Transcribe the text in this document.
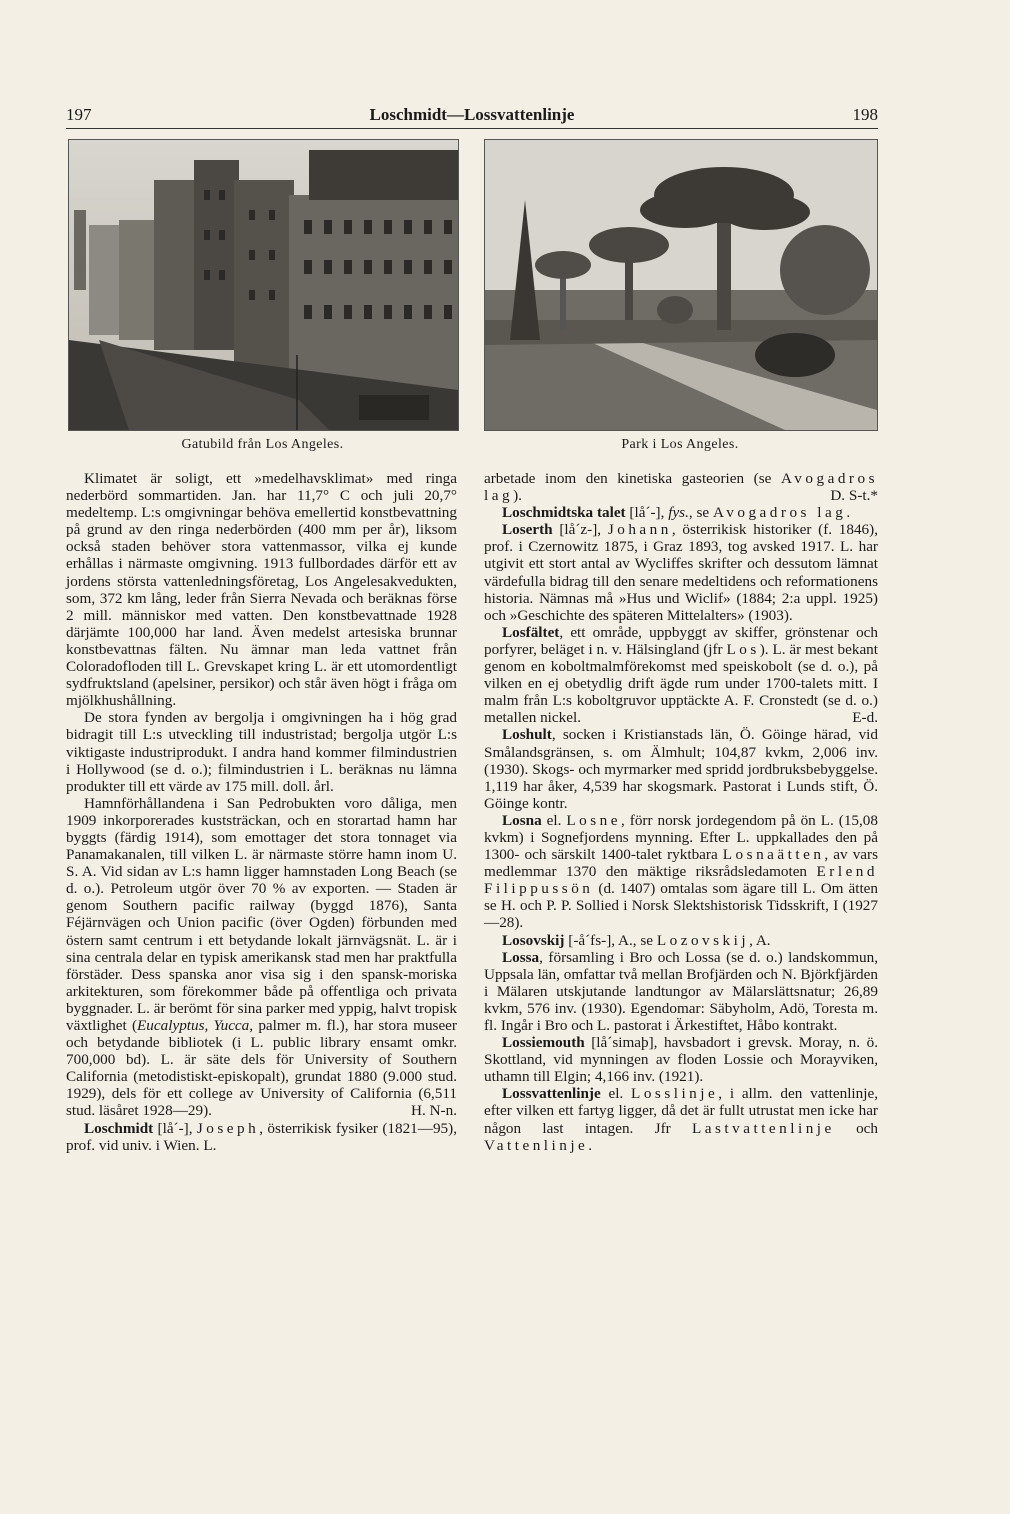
197	Loschmidt—Lossvattenlinje	198
Gatubild från Los Angeles.	Park i Los Angeles.

Klimatet är soligt, ett »medelhavsklimat» med ringa nederbörd sommartiden. Jan. har 11,7° C och juli 20,7° medeltemp. L:s omgivningar behöva emellertid konstbevattning på grund av den ringa nederbörden (400 mm per år), liksom också staden behöver stora vattenmassor, vilka ej kunde erhållas i närmaste omgivning. 1913 fullbordades därför ett av jordens största vattenledningsföretag, Los Angelesakvedukten, som, 372 km lång, leder från Sierra Nevada och beräknas förse 2 mill. människor med vatten. Den konstbevattnade 1928 därjämte 100,000 har land. Även medelst artesiska brunnar konstbevattnas fälten. Nu ämnar man leda vattnet från Coloradofloden till L. Grevskapet kring L. är ett utomordentligt sydfruktsland (apelsiner, persikor) och står även högt i fråga om mjölkhushållning.

De stora fynden av bergolja i omgivningen ha i hög grad bidragit till L:s utveckling till industristad; bergolja utgör L:s viktigaste industriprodukt. I andra hand kommer filmindustrien i Hollywood (se d. o.); filmindustrien i L. beräknas nu lämna produkter till ett värde av 175 mill. doll. årl.

Hamnförhållandena i San Pedrobukten voro dåliga, men 1909 inkorporerades kuststräckan, och en storartad hamn har byggts (färdig 1914), som emottager det stora tonnaget via Panamakanalen, till vilken L. är närmaste större hamn inom U. S. A. Vid sidan av L:s hamn ligger hamnstaden Long Beach (se d. o.). Petroleum utgör över 70 % av exporten. — Staden är genom Southern pacific railway (byggd 1876), Santa Féjärnvägen och Union pacific (över Ogden) förbunden med östern samt centrum i ett betydande lokalt järnvägsnät. L. är i sina centrala delar en typisk amerikansk stad men har praktfulla förstäder. Dess spanska anor visa sig i den spansk-moriska arkitekturen, som förekommer både på offentliga och privata byggnader. L. är berömt för sina parker med yppig, halvt tropisk växtlighet (Eucalyptus, Yucca, palmer m. fl.), har stora museer och betydande bibliotek (i L. public library ensamt omkr. 700,000 bd). L. är säte dels för University of Southern California (metodistiskt-episkopalt), grundat 1880 (9.000 stud. 1929), dels för ett college av University of California (6,511 stud. läsåret 1928—29).	H. N-n.

Loschmidt [lå´-], Joseph, österrikisk fysiker (1821—95), prof. vid univ. i Wien. L.

arbetade inom den kinetiska gasteorien (se Avogadros lag).	D. S-t.*

Loschmidtska talet [lå´-], fys., se Avogadros lag.

Loserth [lå´z-], Johann, österrikisk historiker (f. 1846), prof. i Czernowitz 1875, i Graz 1893, tog avsked 1917. L. har utgivit ett stort antal av Wycliffes skrifter och dessutom lämnat värdefulla bidrag till den senare medeltidens och reformationens historia. Nämnas må »Hus und Wiclif» (1884; 2:a uppl. 1925) och »Geschichte des späteren Mittelalters» (1903).

Losfältet, ett område, uppbyggt av skiffer, grönstenar och porfyrer, beläget i n. v. Hälsingland (jfr Los). L. är mest bekant genom en koboltmalmförekomst med speiskobolt (se d. o.), på vilken en ej obetydlig drift ägde rum under 1700-talets mitt. I malm från L:s koboltgruvor upptäckte A. F. Cronstedt (se d. o.) metallen nickel.	E-d.

Loshult, socken i Kristianstads län, Ö. Göinge härad, vid Smålandsgränsen, s. om Älmhult; 104,87 kvkm, 2,006 inv. (1930). Skogs- och myrmarker med spridd jordbruksbebyggelse. 1,119 har åker, 4,539 har skogsmark. Pastorat i Lunds stift, Ö. Göinge kontr.

Losna el. Losne, förr norsk jordegendom på ön L. (15,08 kvkm) i Sognefjordens mynning. Efter L. uppkallades den på 1300- och särskilt 1400-talet ryktbara Losnaätten, av vars medlemmar 1370 den mäktige riksrådsledamoten Erlend Filippussön (d. 1407) omtalas som ägare till L. Om ätten se H. och P. P. Sollied i Norsk Slektshistorisk Tidsskrift, I (1927—28).

Losovskij [-å´fs-], A., se Lozovskij, A.

Lossa, församling i Bro och Lossa (se d. o.) landskommun, Uppsala län, omfattar två mellan Brofjärden och N. Björkfjärden i Mälaren utskjutande landtungor av Mälarslättsnatur; 26,89 kvkm, 576 inv. (1930). Egendomar: Säbyholm, Adö, Toresta m. fl. Ingår i Bro och L. pastorat i Ärkestiftet, Håbo kontrakt.

Lossiemouth [lå´simaþ], havsbadort i grevsk. Moray, n. ö. Skottland, vid mynningen av floden Lossie och Morayviken, uthamn till Elgin; 4,166 inv. (1921).

Lossvattenlinje el. Losslinje, i allm. den vattenlinje, efter vilken ett fartyg ligger, då det är fullt utrustat men icke har någon last intagen. Jfr Lastvattenlinje och Vattenlinje.
